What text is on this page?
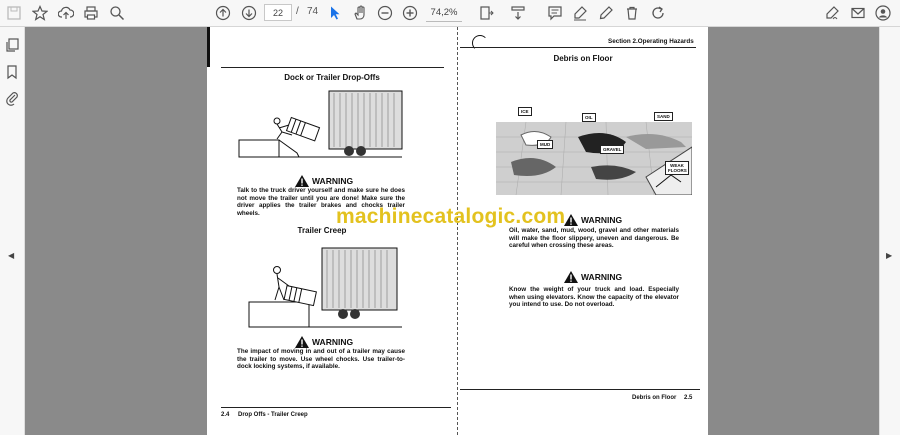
22	/ 74	74,2%
◀	▶
Dock or Trailer Drop-Offs
WARNING
Talk to the truck driver yourself and make sure he does not move the trailer until you are done! Make sure the driver applies the trailer brakes and chocks trailer wheels.
Trailer Creep
WARNING
The impact of moving in and out of a trailer may cause the trailer to move. Use wheel chocks. Use trailer-to-dock locking systems, if available.
2.4 Drop Offs - Trailer Creep
Section 2.Operating Hazards
Debris on Floor
ICE
OIL	SAND
MUD
GRAVEL
WEAK FLOORS
WARNING
Oil, water, sand, mud, wood, gravel and other materials will make the floor slippery, uneven and dangerous. Be careful when crossing these areas.
WARNING
Know the weight of your truck and load. Especially when using elevators. Know the capacity of the elevator you intend to use. Do not overload.
Debris on Floor 2.5
machinecatalogic.com
